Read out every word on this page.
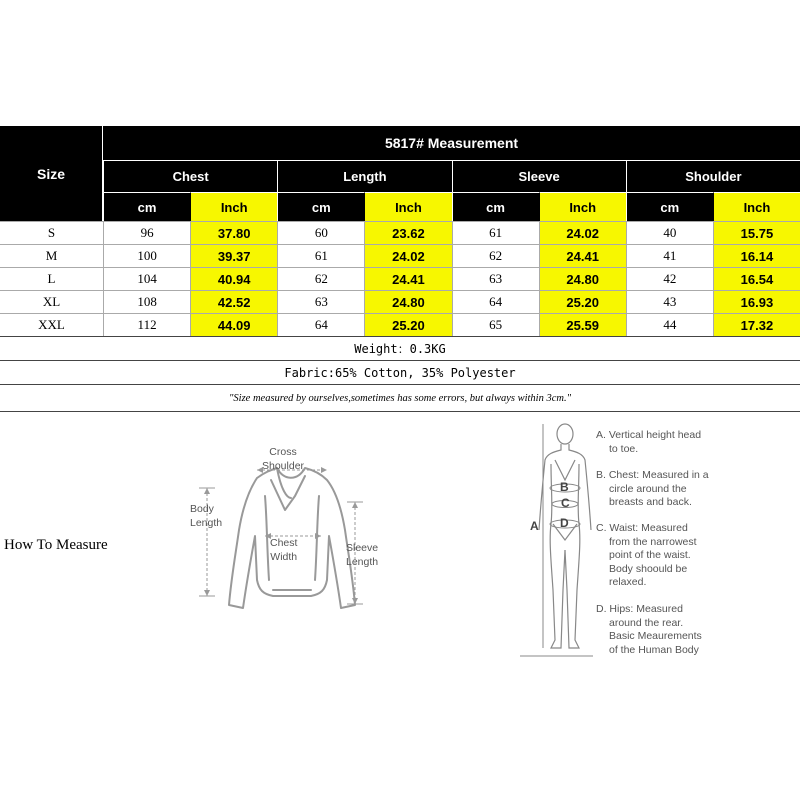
Size
5817# Measurement
Chest	Length	Sleeve	Shoulder
cm	Inch	cm	Inch	cm	Inch	cm	Inch
S	96	37.80	60	23.62	61	24.02	40	15.75
M	100	39.37	61	24.02	62	24.41	41	16.14
L	104	40.94	62	24.41	63	24.80	42	16.54
XL	108	42.52	63	24.80	64	25.20	43	16.93
XXL	112	44.09	64	25.20	65	25.59	44	17.32
Weight：0.3KG
Fabric:65% Cotton, 35% Polyester
"Size measured by ourselves,sometimes has some errors, but always within 3cm."
How To Measure
Cross
Shoulder
Body
Length
Chest
Width
Sleeve
Length
A
B
C
D
A. Vertical height head
to toe.
B. Chest: Measured in a
circle around the
breasts and back.
C. Waist: Measured
from the narrowest
point of the waist.
Body shoould be
relaxed.
D. Hips: Measured
around the rear.
Basic Meaurements
of the Human Body
